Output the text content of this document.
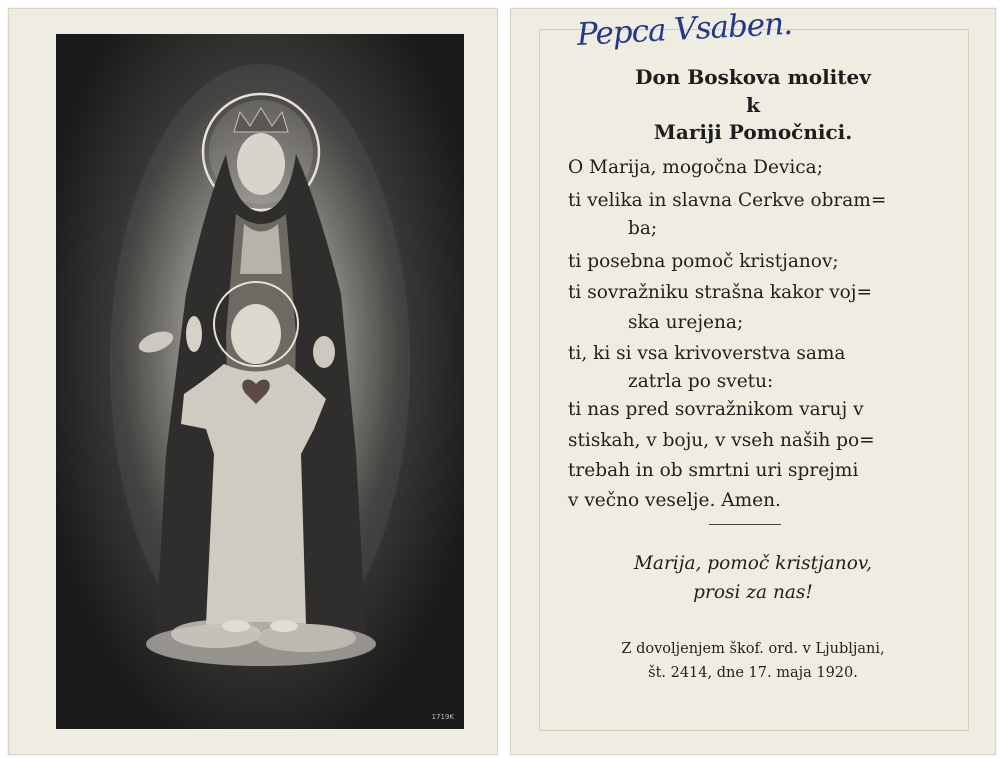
1719K
Pepca Vsaben.
Don Boskova molitev
k
Mariji Pomočnici.
O Marija, mogočna Devica;
ti velika in slavna Cerkve obram=
ba;
ti posebna pomoč kristjanov;
ti sovražniku strašna kakor voj=
ska urejena;
ti, ki si vsa krivoverstva sama
zatrla po svetu:
ti nas pred sovražnikom varuj v
stiskah, v boju, v vseh naših po=
trebah in ob smrtni uri sprejmi
v večno veselje. Amen.
Marija, pomoč kristjanov,
prosi za nas!
Z dovoljenjem škof. ord. v Ljubljani,
št. 2414, dne 17. maja 1920.
